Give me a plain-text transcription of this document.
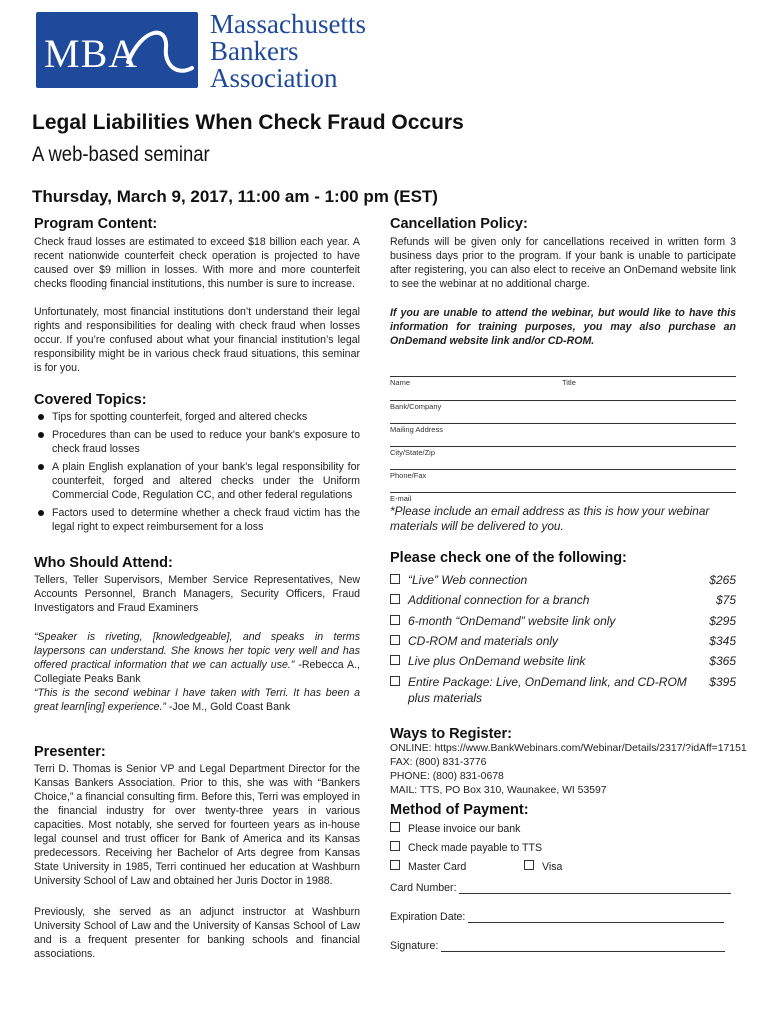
MBA
Massachusetts
Bankers
Association
Legal Liabilities When Check Fraud Occurs
A web-based seminar
Thursday, March 9, 2017, 11:00 am - 1:00 pm (EST)
Program Content:

Check fraud losses are estimated to exceed $18 billion each year. A recent nationwide counterfeit check operation is projected to have caused over $9 million in losses. With more and more counterfeit checks flooding financial institutions, this number is sure to increase.

Unfortunately, most financial institutions don’t understand their legal rights and responsibilities for dealing with check fraud when losses occur. If you’re confused about what your financial institution’s legal responsibility might be in various check fraud situations, this seminar is for you.

Covered Topics:
Tips for spotting counterfeit, forged and altered checks
Procedures than can be used to reduce your bank's exposure to check fraud losses
A plain English explanation of your bank's legal responsibility for counterfeit, forged and altered checks under the Uniform Commercial Code, Regulation CC, and other federal regulations
Factors used to determine whether a check fraud victim has the legal right to expect reimbursement for a loss
Who Should Attend:

Tellers, Teller Supervisors, Member Service Representatives, New Accounts Personnel, Branch Managers, Security Officers, Fraud Investigators and Fraud Examiners

“Speaker is riveting, [knowledgeable], and speaks in terms laypersons can understand. She knows her topic very well and has offered practical information that we can actually use.” -Rebecca A., Collegiate Peaks Bank

“This is the second webinar I have taken with Terri. It has been a great learn[ing] experience.” -Joe M., Gold Coast Bank

Presenter:

Terri D. Thomas is Senior VP and Legal Department Director for the Kansas Bankers Association. Prior to this, she was with “Bankers Choice,” a financial consulting firm. Before this, Terri was employed in the financial industry for over twenty-three years in various capacities. Most notably, she served for fourteen years as in-house legal counsel and trust officer for Bank of America and its Kansas predecessors. Receiving her Bachelor of Arts degree from Kansas State University in 1985, Terri continued her education at Washburn University School of Law and obtained her Juris Doctor in 1988.

Previously, she served as an adjunct instructor at Washburn University School of Law and the University of Kansas School of Law and is a frequent presenter for banking schools and financial associations.

Cancellation Policy:

Refunds will be given only for cancellations received in written form 3 business days prior to the program. If your bank is unable to participate after registering, you can also elect to receive an OnDemand website link to see the webinar at no additional charge.

If you are unable to attend the webinar, but would like to have this information for training purposes, you may also purchase an OnDemand website link and/or CD-ROM.

Name	Title
Bank/Company
Mailing Address
City/State/Zip
Phone/Fax
E-mail

*Please include an email address as this is how your webinar materials will be delivered to you.

Please check one of the following:
“Live” Web connection	$265
Additional connection for a branch	$75
6-month “OnDemand” website link only	$295
CD-ROM and materials only	$345
Live plus OnDemand website link	$365
Entire Package: Live, OnDemand link, and CD-ROM $395
plus materials
Ways to Register:
ONLINE: https://www.BankWebinars.com/Webinar/Details/2317/?idAff=17151
FAX: (800) 831-3776
PHONE: (800) 831-0678
MAIL: TTS, PO Box 310, Waunakee, WI 53597
Method of Payment:
Please invoice our bank
Check made payable to TTS
Master Card	Visa
Card Number:
Expiration Date:
Signature:
